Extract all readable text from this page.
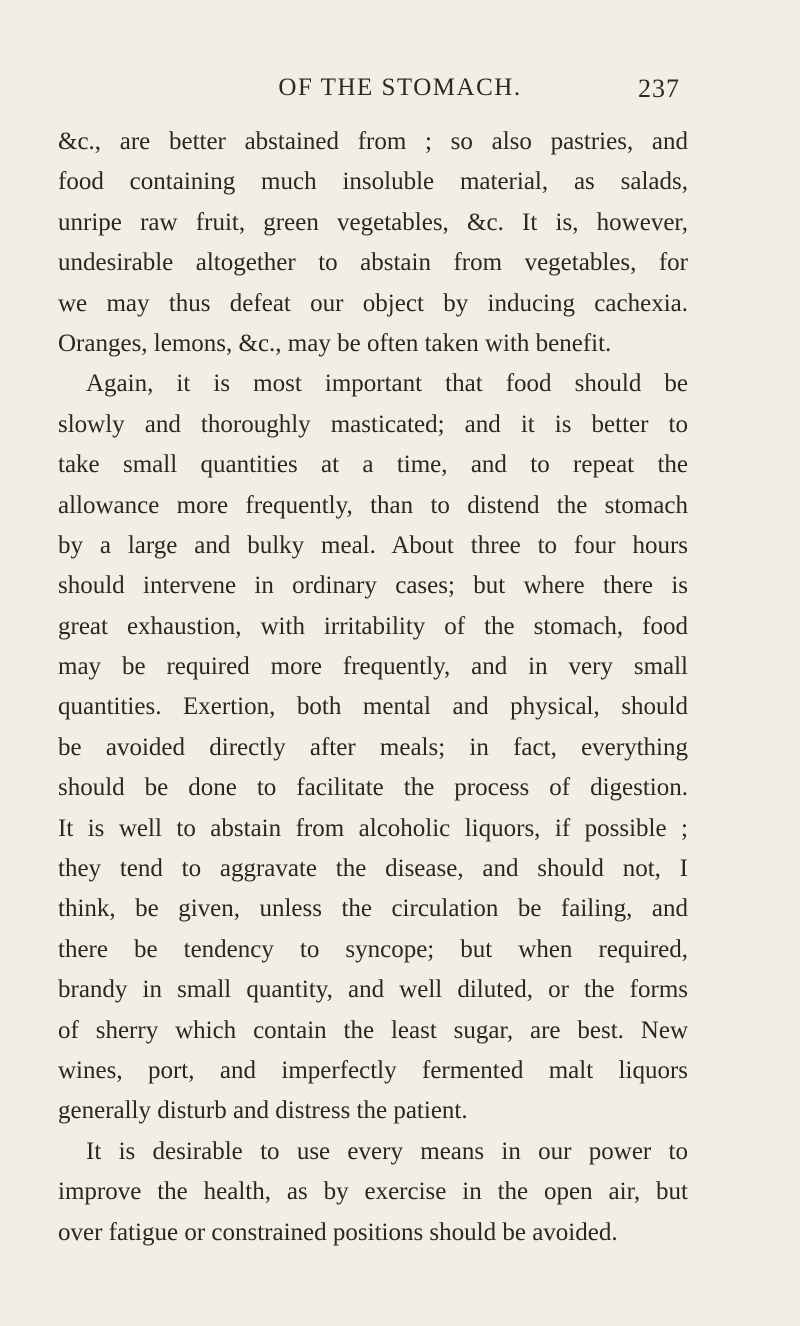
OF THE STOMACH.	237
&c., are better abstained from ; so also pastries, and
food containing much insoluble material, as salads,
unripe raw fruit, green vegetables, &c. It is, however,
undesirable altogether to abstain from vegetables, for
we may thus defeat our object by inducing cachexia.
Oranges, lemons, &c., may be often taken with benefit.
Again, it is most important that food should be
slowly and thoroughly masticated; and it is better to
take small quantities at a time, and to repeat the
allowance more frequently, than to distend the stomach
by a large and bulky meal. About three to four hours
should intervene in ordinary cases; but where there is
great exhaustion, with irritability of the stomach, food
may be required more frequently, and in very small
quantities. Exertion, both mental and physical, should
be avoided directly after meals; in fact, everything
should be done to facilitate the process of digestion.
It is well to abstain from alcoholic liquors, if possible ;
they tend to aggravate the disease, and should not, I
think, be given, unless the circulation be failing, and
there be tendency to syncope; but when required,
brandy in small quantity, and well diluted, or the forms
of sherry which contain the least sugar, are best. New
wines, port, and imperfectly fermented malt liquors
generally disturb and distress the patient.
It is desirable to use every means in our power to
improve the health, as by exercise in the open air, but
over fatigue or constrained positions should be avoided.
